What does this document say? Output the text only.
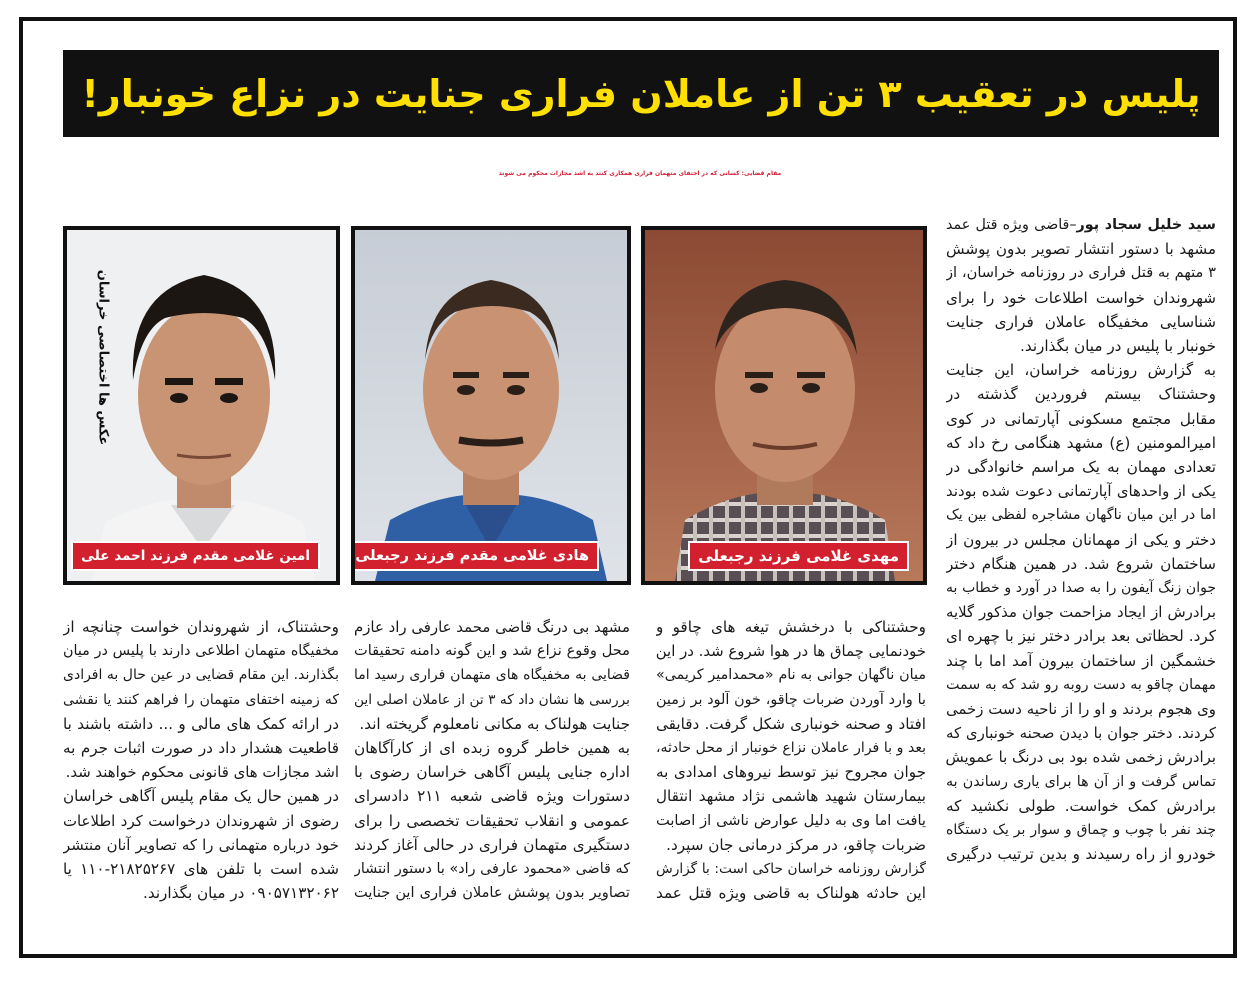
پلیس در تعقیب ۳ تن از عاملان فراری جنایت در نزاع خونبار!
مقام قضایی: کسانی که در اختفای متهمان فراری همکاری کنند به اشد مجازات محکوم می شوند
سید خلیل سجاد پور–قاضی ویژه قتل عمد
مشهد با دستور انتشار تصویر بدون پوشش
۳ متهم به قتل فراری در روزنامه خراسان، از
شهروندان خواست اطلاعات خود را برای
شناسایی مخفیگاه عاملان فراری جنایت
خونبار با پلیس در میان بگذارند.
به گزارش روزنامه خراسان، این جنایت
وحشتناک بیستم فروردین گذشته در
مقابل مجتمع مسکونی آپارتمانی در کوی
امیرالمومنین (ع) مشهد هنگامی رخ داد که
تعدادی مهمان به یک مراسم خانوادگی در
یکی از واحدهای آپارتمانی دعوت شده بودند
اما در این میان ناگهان مشاجره لفظی بین یک
دختر و یکی از مهمانان مجلس در بیرون از
ساختمان شروع شد. در همین هنگام دختر
جوان زنگ آیفون را به صدا در آورد و خطاب به
برادرش از ایجاد مزاحمت جوان مذکور گلایه
کرد. لحظاتی بعد برادر دختر نیز با چهره ای
خشمگین از ساختمان بیرون آمد اما با چند
مهمان چاقو به دست روبه رو شد که به سمت
وی هجوم بردند و او را از ناحیه دست زخمی
کردند. دختر جوان با دیدن صحنه خونباری که
برادرش زخمی شده بود بی درنگ با عمویش
تماس گرفت و از آن ها برای یاری رساندن به
برادرش کمک خواست. طولی نکشید که
چند نفر با چوب و چماق و سوار بر یک دستگاه
خودرو از راه رسیدند و بدین ترتیب درگیری
مهدی غلامی فرزند رجبعلی
هادی غلامی مقدم فرزند رجبعلی
عکس ها اختصاصی خراسان
امین غلامی مقدم فرزند احمد علی
وحشتناکی با درخشش تیغه های چاقو و
خودنمایی چماق ها در هوا شروع شد. در این
میان ناگهان جوانی به نام «محمدامیر کریمی»
با وارد آوردن ضربات چاقو، خون آلود بر زمین
افتاد و صحنه خونباری شکل گرفت. دقایقی
بعد و با فرار عاملان نزاع خونبار از محل حادثه،
جوان مجروح نیز توسط نیروهای امدادی به
بیمارستان شهید هاشمی نژاد مشهد انتقال
یافت اما وی به دلیل عوارض ناشی از اصابت
ضربات چاقو، در مرکز درمانی جان سپرد.
گزارش روزنامه خراسان حاکی است: با گزارش
این حادثه هولناک به قاضی ویژه قتل عمد
مشهد بی درنگ قاضی محمد عارفی راد عازم
محل وقوع نزاع شد و این گونه دامنه تحقیقات
قضایی به مخفیگاه های متهمان فراری رسید اما
بررسی ها نشان داد که ۳ تن از عاملان اصلی این
جنایت هولناک به مکانی نامعلوم گریخته اند.
به همین خاطر گروه زبده ای از کارآگاهان
اداره جنایی پلیس آگاهی خراسان رضوی با
دستورات ویژه قاضی شعبه ۲۱۱ دادسرای
عمومی و انقلاب تحقیقات تخصصی را برای
دستگیری متهمان فراری در حالی آغاز کردند
که قاضی «محمود عارفی راد» با دستور انتشار
تصاویر بدون پوشش عاملان فراری این جنایت
وحشتناک، از شهروندان خواست چنانچه از
مخفیگاه متهمان اطلاعی دارند با پلیس در میان
بگذارند. این مقام قضایی در عین حال به افرادی
که زمینه اختفای متهمان را فراهم کنند یا نقشی
در ارائه کمک های مالی و ... داشته باشند با
قاطعیت هشدار داد در صورت اثبات جرم به
اشد مجازات های قانونی محکوم خواهند شد.
در همین حال یک مقام پلیس آگاهی خراسان
رضوی از شهروندان درخواست کرد اطلاعات
خود درباره متهمانی را که تصاویر آنان منتشر
شده است با تلفن های ۲۱۸۲۵۲۶۷-۱۱۰ یا
۰۹۰۵۷۱۳۲۰۶۲ در میان بگذارند.
